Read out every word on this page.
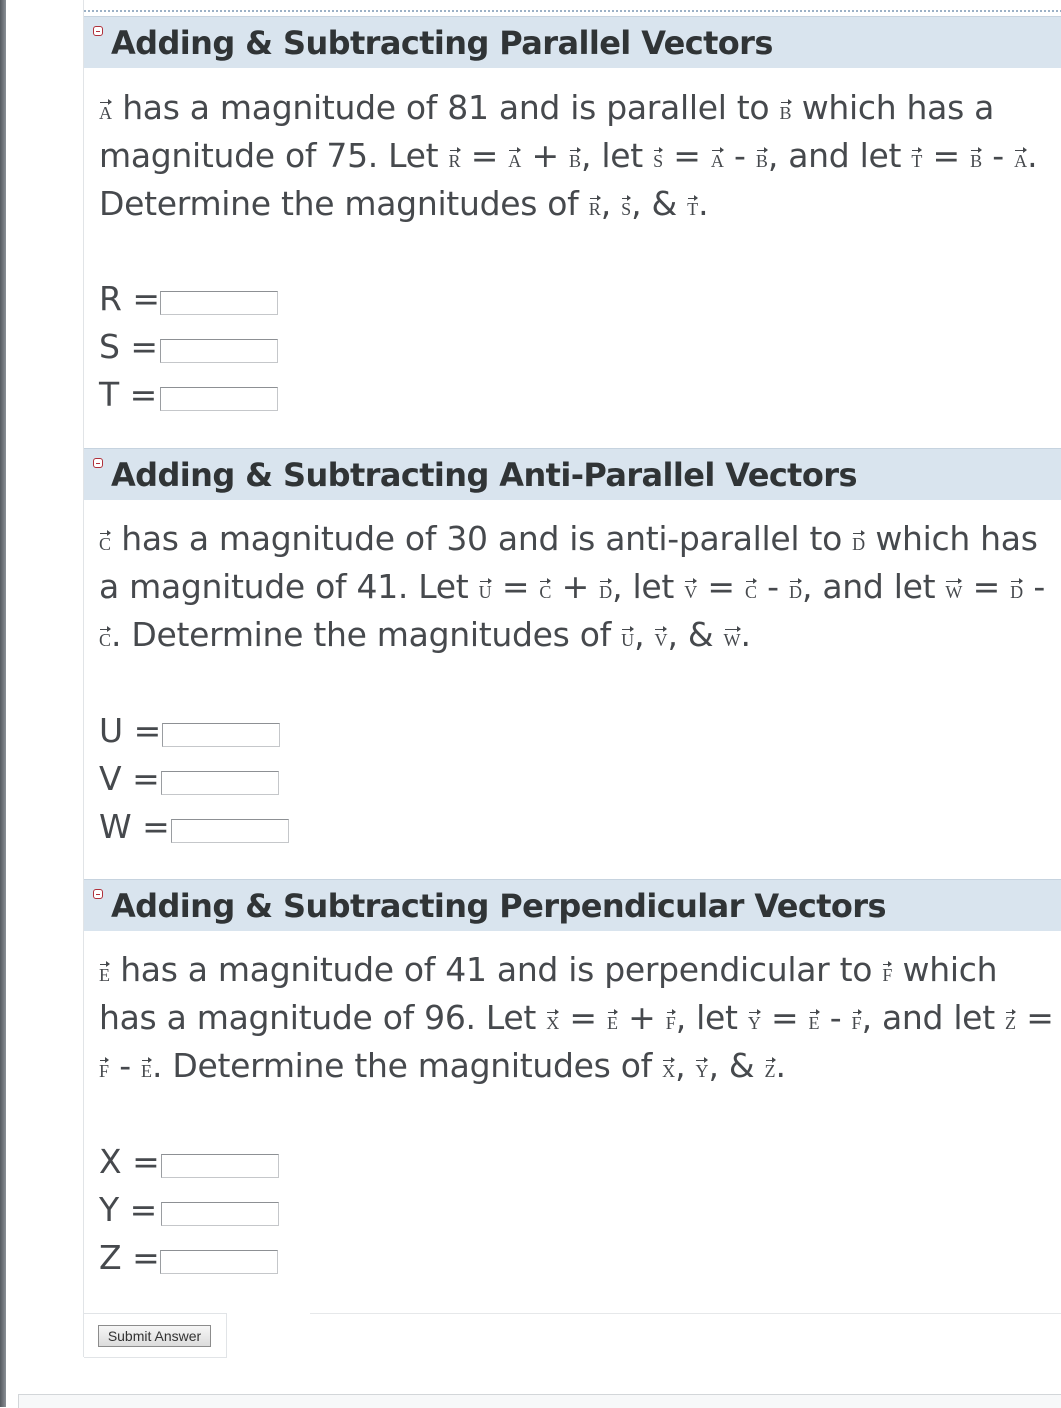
Adding & Subtracting Parallel Vectors
A has a magnitude of 81 and is parallel to B which has a magnitude of 75. Let R = A + B, let S = A - B, and let T = B - A. Determine the magnitudes of R, S, & T.
R =
S =
T =
Adding & Subtracting Anti-Parallel Vectors
C has a magnitude of 30 and is anti-parallel to D which has a magnitude of 41. Let U = C + D, let V = C - D, and let W = D - C. Determine the magnitudes of U, V, & W.
U =
V =
W =
Adding & Subtracting Perpendicular Vectors
E has a magnitude of 41 and is perpendicular to F which has a magnitude of 96. Let X = E + F, let Y = E - F, and let Z = F - E. Determine the magnitudes of X, Y, & Z.
X =
Y =
Z =
Submit Answer
